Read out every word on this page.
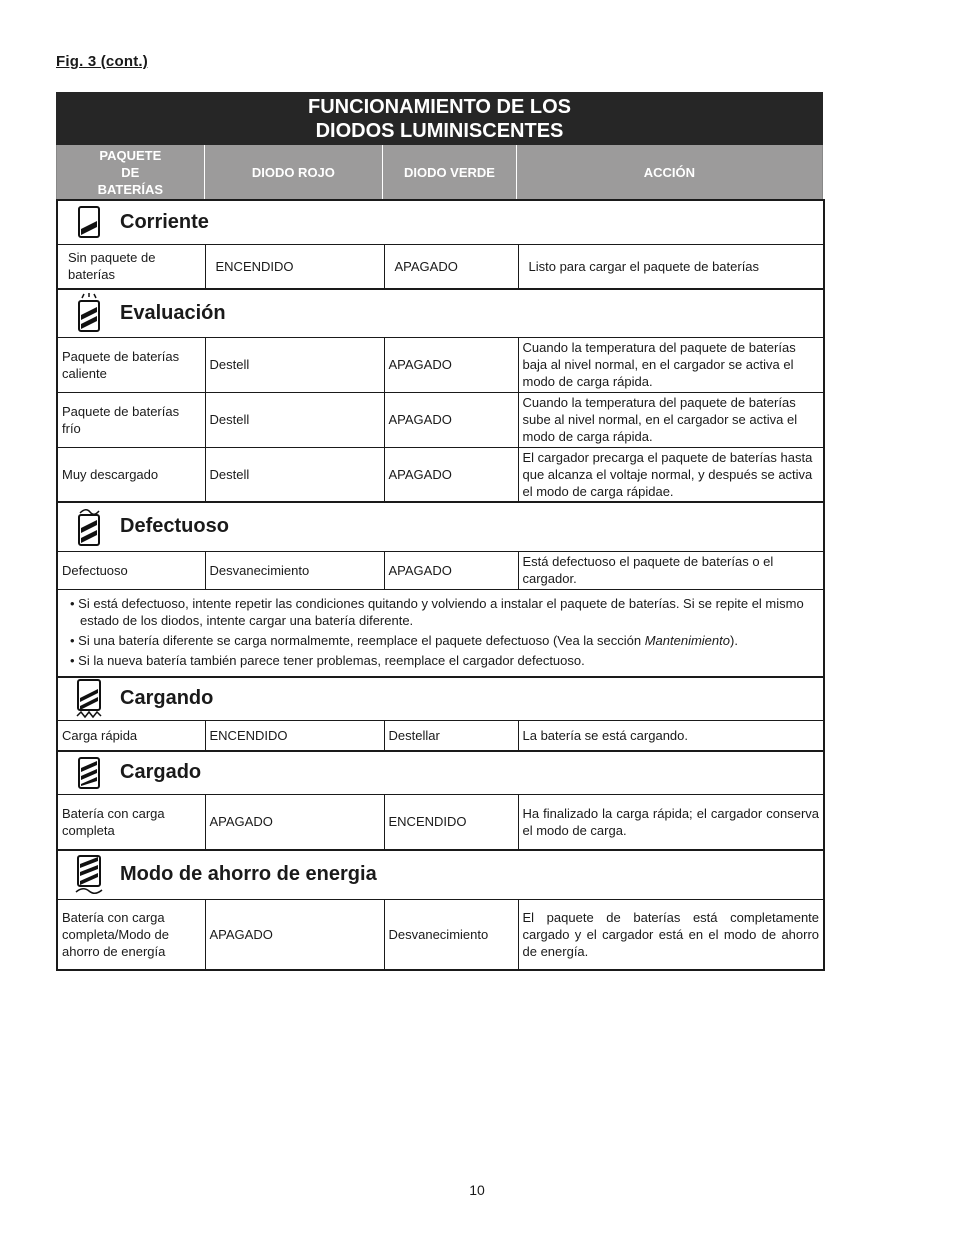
Fig. 3 (cont.)
FUNCIONAMIENTO DE LOS
DIODOS LUMINISCENTES
PAQUETE
DE
BATERÍAS
DIODO ROJO	DIODO VERDE	ACCIÓN
Corriente			

Sin paquete de baterías	ENCENDIDO	APAGADO	Listo para cargar el paquete de baterías

Evaluación			

Paquete de baterías caliente	Destell	APAGADO	Cuando la temperatura del paquete de baterías baja al nivel normal, en el cargador se activa el modo de carga rápida.
Paquete de baterías frío	Destell	APAGADO	Cuando la temperatura del paquete de baterías sube al nivel normal, en el cargador se activa el modo de carga rápida.
Muy descargado	Destell	APAGADO	El cargador precarga el paquete de baterías hasta que alcanza el voltaje normal, y después se activa el modo de carga rápidae.

Defectuoso			

Defectuoso	Desvanecimiento	APAGADO	Está defectuoso el paquete de baterías o el cargador.

• Si está defectuoso, intente repetir las condiciones quitando y volviendo a instalar el paquete de baterías. Si se repite el mismo estado de los diodos, intente cargar una batería diferente.
• Si una batería diferente se carga normalmemte, reemplace el paquete defectuoso (Vea la sección Mantenimiento).
• Si la nueva batería también parece tener problemas, reemplace el cargador defectuoso.			

Cargando			

Carga rápida	ENCENDIDO	Destellar	La batería se está cargando.

Cargado			

Batería con carga completa	APAGADO	ENCENDIDO	Ha finalizado la carga rápida; el cargador conserva el modo de carga.

Modo de ahorro de energia			

Batería con carga completa/Modo de ahorro de energía	APAGADO	Desvanecimiento	El paquete de baterías está completamente cargado y el cargador está en el modo de ahorro de energía.
10
